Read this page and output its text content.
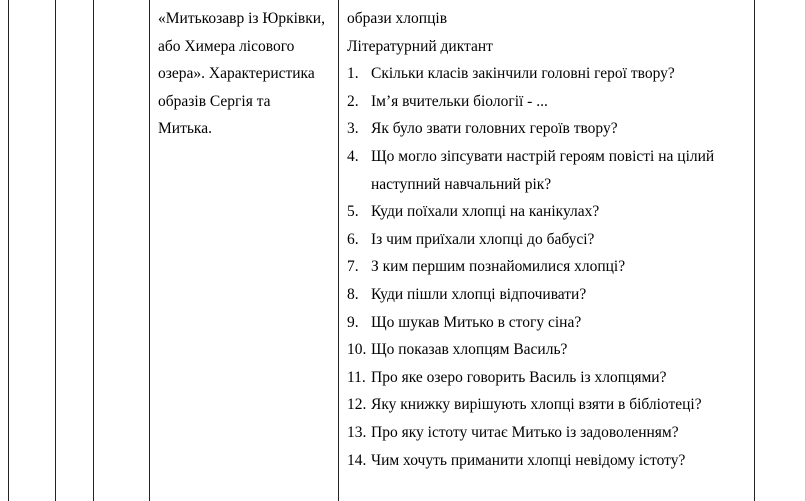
«Митькозавр із Юрківки,
або Химера лісового
озера». Характеристика
образів Сергія та
Митька.
образи хлопців
Літературний диктант
1. Скільки класів закінчили головні герої твору?
2. Ім’я вчительки біології - ...
3. Як було звати головних героїв твору?
4. Що могло зіпсувати настрій героям повісті на цілий
наступний навчальний рік?
5. Куди поїхали хлопці на канікулах?
6. Із чим приїхали хлопці до бабусі?
7. З ким першим познайомилися хлопці?
8. Куди пішли хлопці відпочивати?
9. Що шукав Митько в стогу сіна?
10. Що показав хлопцям Василь?
11. Про яке озеро говорить Василь із хлопцями?
12. Яку книжку вирішують хлопці взяти в бібліотеці?
13. Про яку істоту читає Митько із задоволенням?
14. Чим хочуть приманити хлопці невідому істоту?
